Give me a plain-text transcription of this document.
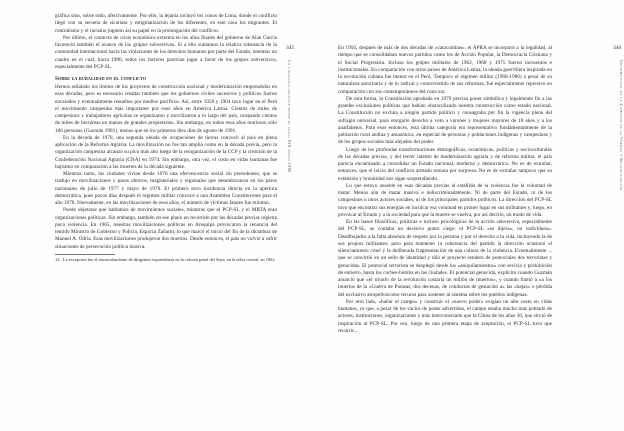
gráfica sino, sobre todo, afectivamente. Por ello, la lejanía incluyó los conos de Lima, donde el conflicto llegó con su secuela de sicariato y estigmatización de los diferentes, en este caso los migrantes. El centralismo y el racismo jugaron así su papel en la prolongación del conflicto.

Por último, el contexto de crisis económica extrema en los años finales del gobierno de Alan García favoreció también el avance de los grupos subversivos. Si a ello sumamos la relativa tolerancia de la comunidad internacional hacia las violaciones de los derechos humanos por parte del Estado, tenemos un cuadro en el cual, hacia 1990, todos los factores parecían jugar a favor de los grupos subversivos, especialmente del PCP-SL.

Sobre la ruralidad en el conflicto

Hemos señalado los límites de los proyectos de construcción nacional y modernización emprendidos en esas décadas, pero es necesario resaltar también que los gobiernos civiles sucesivos y políticos fueron encarados y eventualmente resueltos por medios pacíficos. Así, entre 1958 y 1964 tuvo lugar en el Perú el movimiento campesino más importante por esos años en América Latina. Cientos de miles de campesinos y trabajadores agrícolas se organizaron y movilizaron a lo largo del país, ocupando cientos de miles de hectáreas en manos de grandes propietarios. Sin embargo, en todos esos años murieron sólo 166 personas (Guzmán 1981), menos que en los primeros diez días de agosto de 1991.

En la década de 1970, una segunda oleada de ocupaciones de tierras convocó al país en plena aplicación de la Reforma Agraria. La movilización no fue tan amplia como en la década previa, pero la organización campesina alcanzó su pico más alto luego de la reorganización de la CCP y la creación de la Confederación Nacional Agraria (CNA) en 1974. Sin embargo, otra vez, el costo en vidas humanas fue bajísimo en comparación a las muertes de la década siguiente.

Mientras tanto, las ciudades vivían desde 1976 una efervescencia social sin precedentes, que se tradujo en movilizaciones y paros obreros, magisteriales y regionales que desembocaron en los paros nacionales de julio de 1977 y mayo de 1978. El primero tuvo incidencia directa en la apertura democrática, pues pocos días después el régimen militar convocó a una Asamblea Constituyente para el año 1978. Nuevamente, en las movilizaciones de esos años, el número de víctimas fatales fue mínimo.

Puede objetarse que hablamos de movimientos sociales, mientras que el PCP-SL y el MRTA eran organizaciones políticas. Sin embargo, también en ese plano un recorrido por las décadas previas registra poca violencia. En 1965, nuestras movilizaciones políticas en Arequipa provocaron la renuncia del temido Ministro de Gobierno y Policía, Esparza Zañartu, lo que marcó el inicio del fin de la dictadura de Manuel A. Odría. Esas movilizaciones produjeron dos muertos. Desde entonces, el país no volvió a sufrir situaciones de persecución política masiva.

12 La excepción fue el encarcelamiento de dirigentes izquierdistas en la colonia penal del Sepa, en la selva central, en 1962.

345
La violencia política desde el siglo XIX hasta 1990
346
Informe final de la Comisión de la Verdad y Reconciliación

En 1956, después de más de dos décadas de «catacumbas», el APRA se incorporó a la legalidad, al tiempo que se consolidaban nuevos partidos como los de Acción Popular, la Democracia Cristiana y el Social Progresista. Incluso los golpes militares de 1962, 1968 y 1975 fueron incruentos e institucionales. En comparación con otros países de América Latina, la oleada guerrillera inspirada en la revolución cubana fue menor en el Perú. Tampoco el régimen militar (1968-1980) a pesar de su naturaleza autoritaria y de lo radical y controvertido de sus reformas, fue especialmente represivo en comparación con sus contemporáneos del cono sur.

De otra forma, la Constitución aprobada en 1979 precisa poner simbólica y legalmente fin a las grandes exclusiones políticas que habían obstaculizado nuestra construcción como estado nacional. La Constitución no excluía a ningún partido político y consagraba por fin la vigencia plena del sufragio universal, para otorgarle derecho a voto a varones y mujeres mayores de 18 años y a los analfabetos. Para esos entonces, esta última categoría era representativo fundamentalmente de la población rural andina y amazónica, en especial de personas y poblaciones indígenas y campesinas y de los grupos sociales más alejados del poder.

Luego de los profundas transformaciones demográficas, económicas, políticas y socioculturales de las décadas previas, y del tercer intento de modernización agraria y de reforma militar, el país parecía encaminado a consolidar un Estado nacional, moderno y democrático. No es de extrañar, entonces, que el inicio del conflicto armado tomara por sorpresa. No es de extrañar tampoco que su extensión y brutalidad nos sigan sorprendiendo.

Lo que estuvo ausente en esas décadas previas al estallido de la violencia fue la voluntad de matar. Menos aún de matar masiva e indiscriminadamente. Ni de parte del Estado, ni de los campesinos u otros actores sociales, ni de los principales partidos políticos. La dirección del PCP-SL tuvo que encontrar sus energías en inculcar esa voluntad en primer lugar en sus militantes y, luego, en provocar al Estado y a la sociedad para que la muerte se vuelva, por así decirlo, un modo de vida.

En las bases filosóficas, políticas e incluso psicológicas de la acción subversiva, especialmente del PCP-SL, se contaba un decisivo punto ciego: el PCP-SL «se dijera», no individuos». Desdibujados a la falta absoluta de respeto por la persona y por el derecho a la vida, incluyendo la de sus propios militantes; pero para mantener la coherencia del partido la dirección ocasionó el silenciamiento cruel y la deliberada fragmentación de una cultura de la violencia. Eventualmente ... que se convirtió en un sello de identidad y tiñó el proyecto sendero de potenciales dos terroristas y genocidas. El potencial terrorista se desplegó desde los «aniquilamientos» con sevicia y prohibición de entierro, hasta los coches-bomba en las ciudades. El potencial genocida, explícito cuando Guzmán anunció que «el triunfo de la revolución costaría un millón de muertos», y cuando llamó a «a los inuertos de la «Guerra de Parasas, dos decenas, de conductas de gestación a» las «bajas» o pérdida del exclusivo atropelloscomo recurso para sostener al sistema sobre los pueblos indígenas.

Por otro lado, «bañar el campo» y construir el «nuevo poder» exigían un alto costo en vidas humanas, ya que, a pesar de los vacíos de poder advertidos, el campo estaba mucho más poblado de actores, instituciones, organizaciones y más interconectado que la China de los años 30, que sirvió de inspiración al PCP-SL. Por eso, luego de una primera etapa de aceptación, el PCP-SL tuvo que recurrir...
